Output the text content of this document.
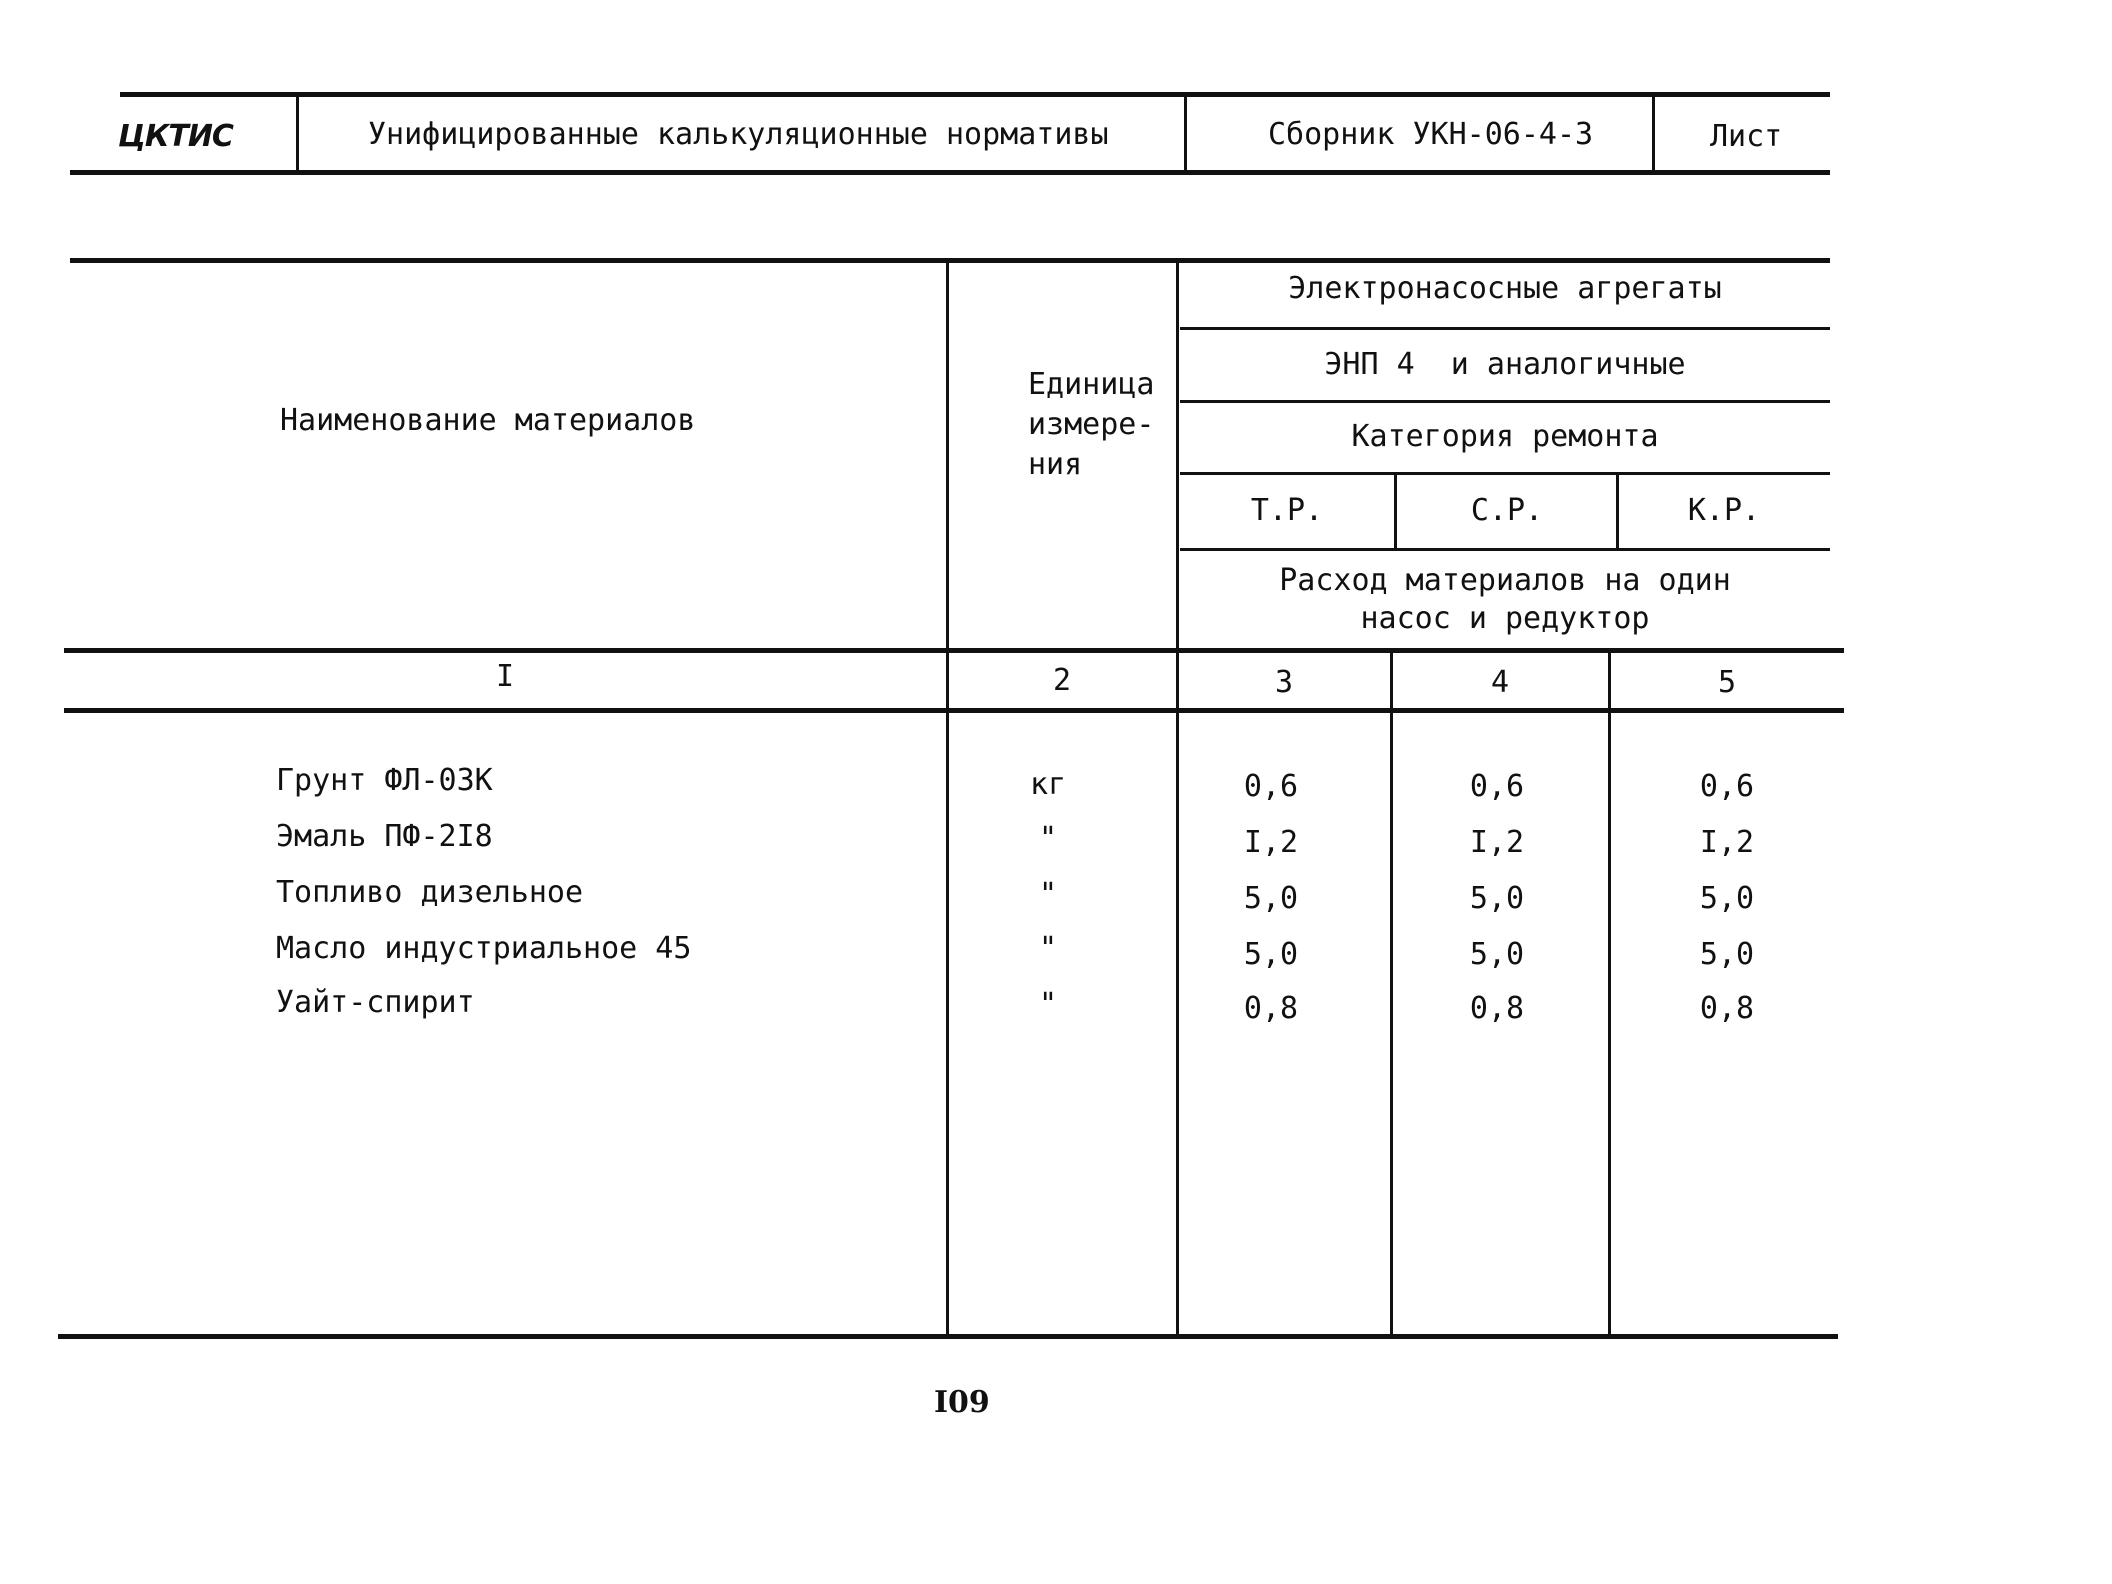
ЦКТИС	Унифицированные калькуляционные нормативы	Сборник УКН-06-4-3	Лист
Наименование материалов
Единица
измере-
ния
Электронасосные агрегаты
ЭНП 4  и аналогичные
Категория ремонта
Т.Р.	С.Р.	К.Р.
Расход материалов на один
насос и редуктор
I	2	3	4	5
Грунт ФЛ-03К	кг	0,6	0,6	0,6
Эмаль ПФ-2I8	"	I,2	I,2	I,2
Топливо дизельное	"	5,0	5,0	5,0
Масло индустриальное 45	"	5,0	5,0	5,0
Уайт-спирит	"	0,8	0,8	0,8
I09
